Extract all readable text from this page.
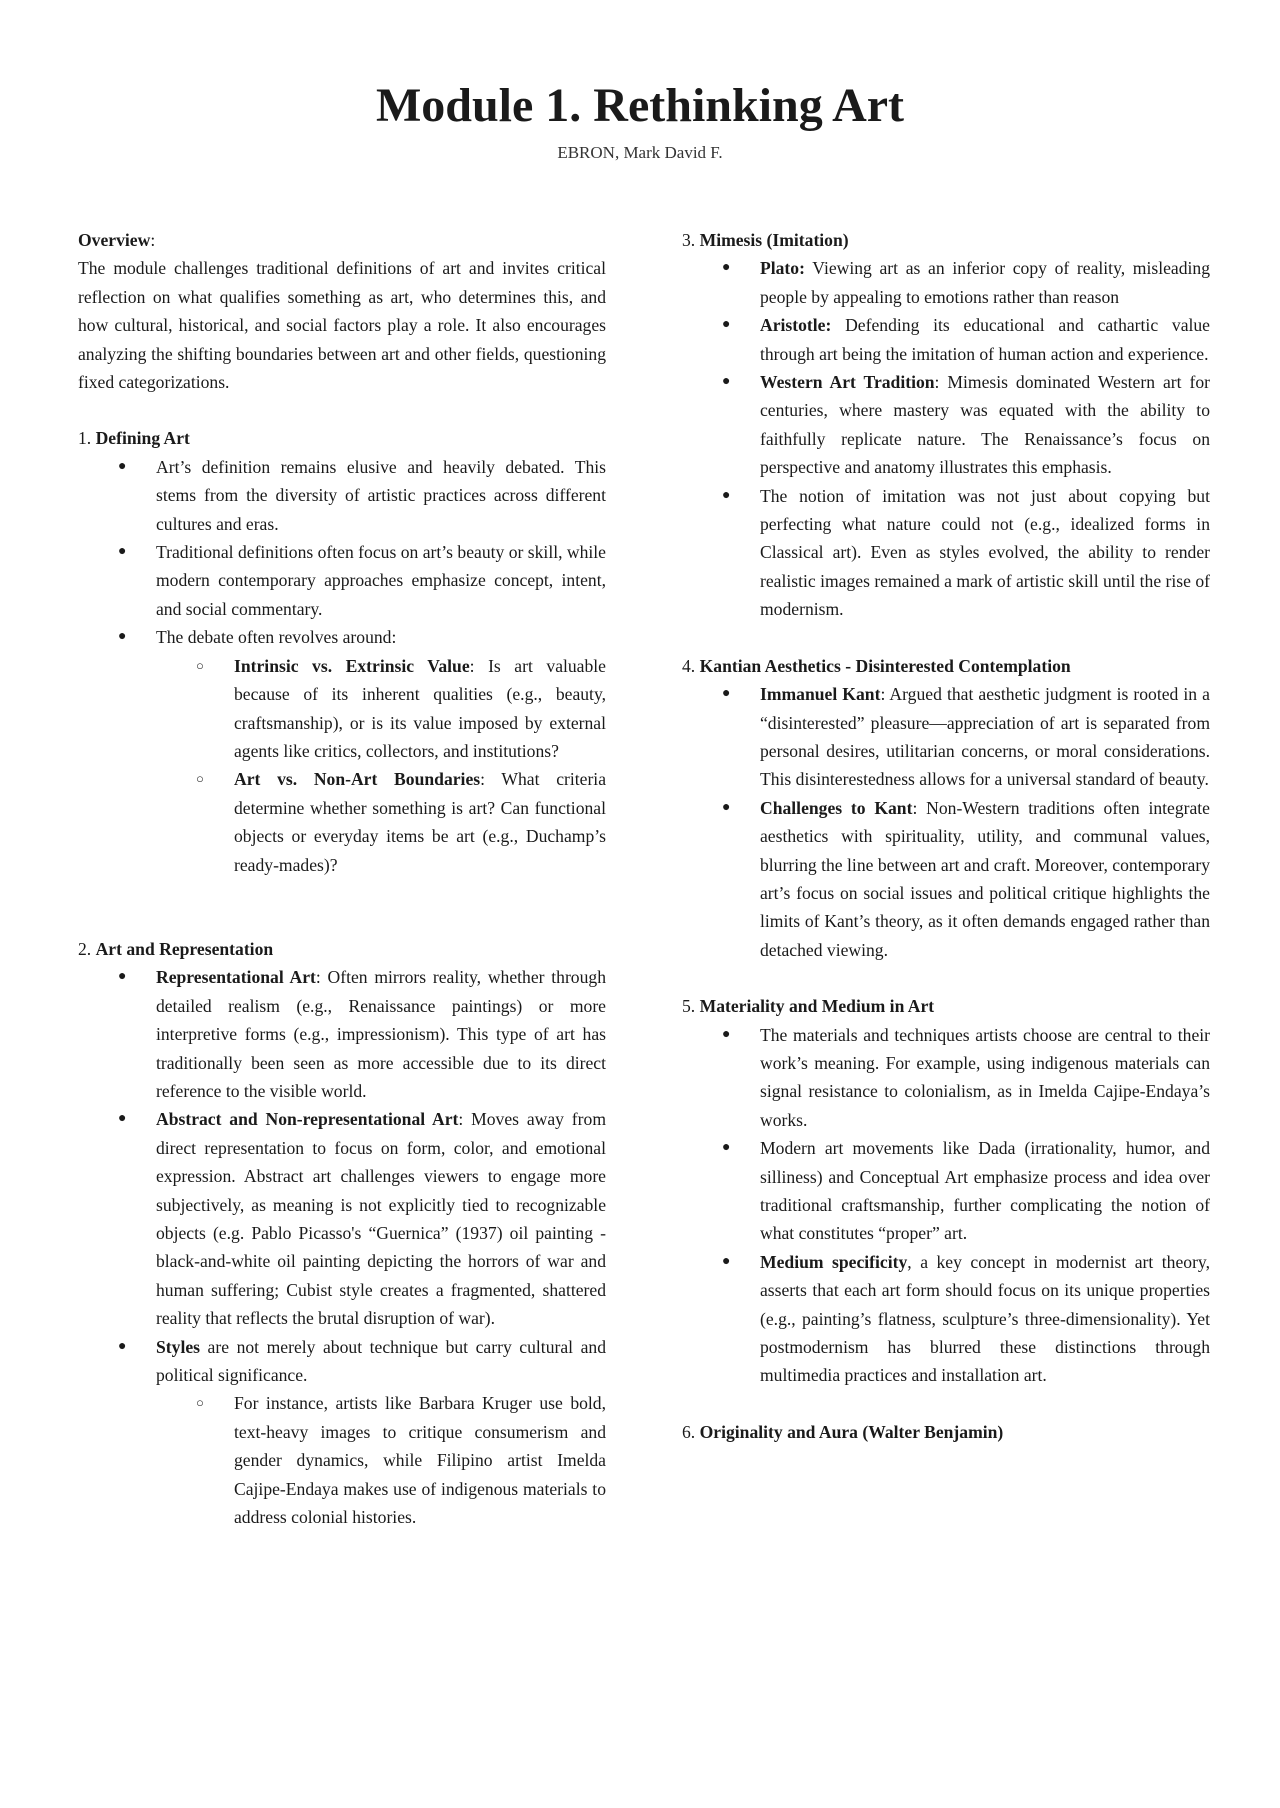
Module 1. Rethinking Art

EBRON, Mark David F.

Overview:

The module challenges traditional definitions of art and invites critical reflection on what qualifies something as art, who determines this, and how cultural, historical, and social factors play a role. It also encourages analyzing the shifting boundaries between art and other fields, questioning fixed categorizations.

1. Defining Art

● Art’s definition remains elusive and heavily debated. This stems from the diversity of artistic practices across different cultures and eras.
● Traditional definitions often focus on art’s beauty or skill, while modern contemporary approaches emphasize concept, intent, and social commentary.
● The debate often revolves around:
○ Intrinsic vs. Extrinsic Value: Is art valuable because of its inherent qualities (e.g., beauty, craftsmanship), or is its value imposed by external agents like critics, collectors, and institutions?
○ Art vs. Non-Art Boundaries: What criteria determine whether something is art? Can functional objects or everyday items be art (e.g., Duchamp’s ready-mades)?

2. Art and Representation

● Representational Art: Often mirrors reality, whether through detailed realism (e.g., Renaissance paintings) or more interpretive forms (e.g., impressionism). This type of art has traditionally been seen as more accessible due to its direct reference to the visible world.
● Abstract and Non-representational Art: Moves away from direct representation to focus on form, color, and emotional expression. Abstract art challenges viewers to engage more subjectively, as meaning is not explicitly tied to recognizable objects (e.g. Pablo Picasso's “Guernica” (1937) oil painting - black-and-white oil painting depicting the horrors of war and human suffering; Cubist style creates a fragmented, shattered reality that reflects the brutal disruption of war).
● Styles are not merely about technique but carry cultural and political significance.
○ For instance, artists like Barbara Kruger use bold, text-heavy images to critique consumerism and gender dynamics, while Filipino artist Imelda Cajipe-Endaya makes use of indigenous materials to address colonial histories.

3. Mimesis (Imitation)

● Plato: Viewing art as an inferior copy of reality, misleading people by appealing to emotions rather than reason
● Aristotle: Defending its educational and cathartic value through art being the imitation of human action and experience.
● Western Art Tradition: Mimesis dominated Western art for centuries, where mastery was equated with the ability to faithfully replicate nature. The Renaissance’s focus on perspective and anatomy illustrates this emphasis.
● The notion of imitation was not just about copying but perfecting what nature could not (e.g., idealized forms in Classical art). Even as styles evolved, the ability to render realistic images remained a mark of artistic skill until the rise of modernism.

4. Kantian Aesthetics - Disinterested Contemplation

● Immanuel Kant: Argued that aesthetic judgment is rooted in a “disinterested” pleasure—appreciation of art is separated from personal desires, utilitarian concerns, or moral considerations. This disinterestedness allows for a universal standard of beauty.
● Challenges to Kant: Non-Western traditions often integrate aesthetics with spirituality, utility, and communal values, blurring the line between art and craft. Moreover, contemporary art’s focus on social issues and political critique highlights the limits of Kant’s theory, as it often demands engaged rather than detached viewing.

5. Materiality and Medium in Art

● The materials and techniques artists choose are central to their work’s meaning. For example, using indigenous materials can signal resistance to colonialism, as in Imelda Cajipe-Endaya’s works.
● Modern art movements like Dada (irrationality, humor, and silliness) and Conceptual Art emphasize process and idea over traditional craftsmanship, further complicating the notion of what constitutes “proper” art.
● Medium specificity, a key concept in modernist art theory, asserts that each art form should focus on its unique properties (e.g., painting’s flatness, sculpture’s three-dimensionality). Yet postmodernism has blurred these distinctions through multimedia practices and installation art.

6. Originality and Aura (Walter Benjamin)
